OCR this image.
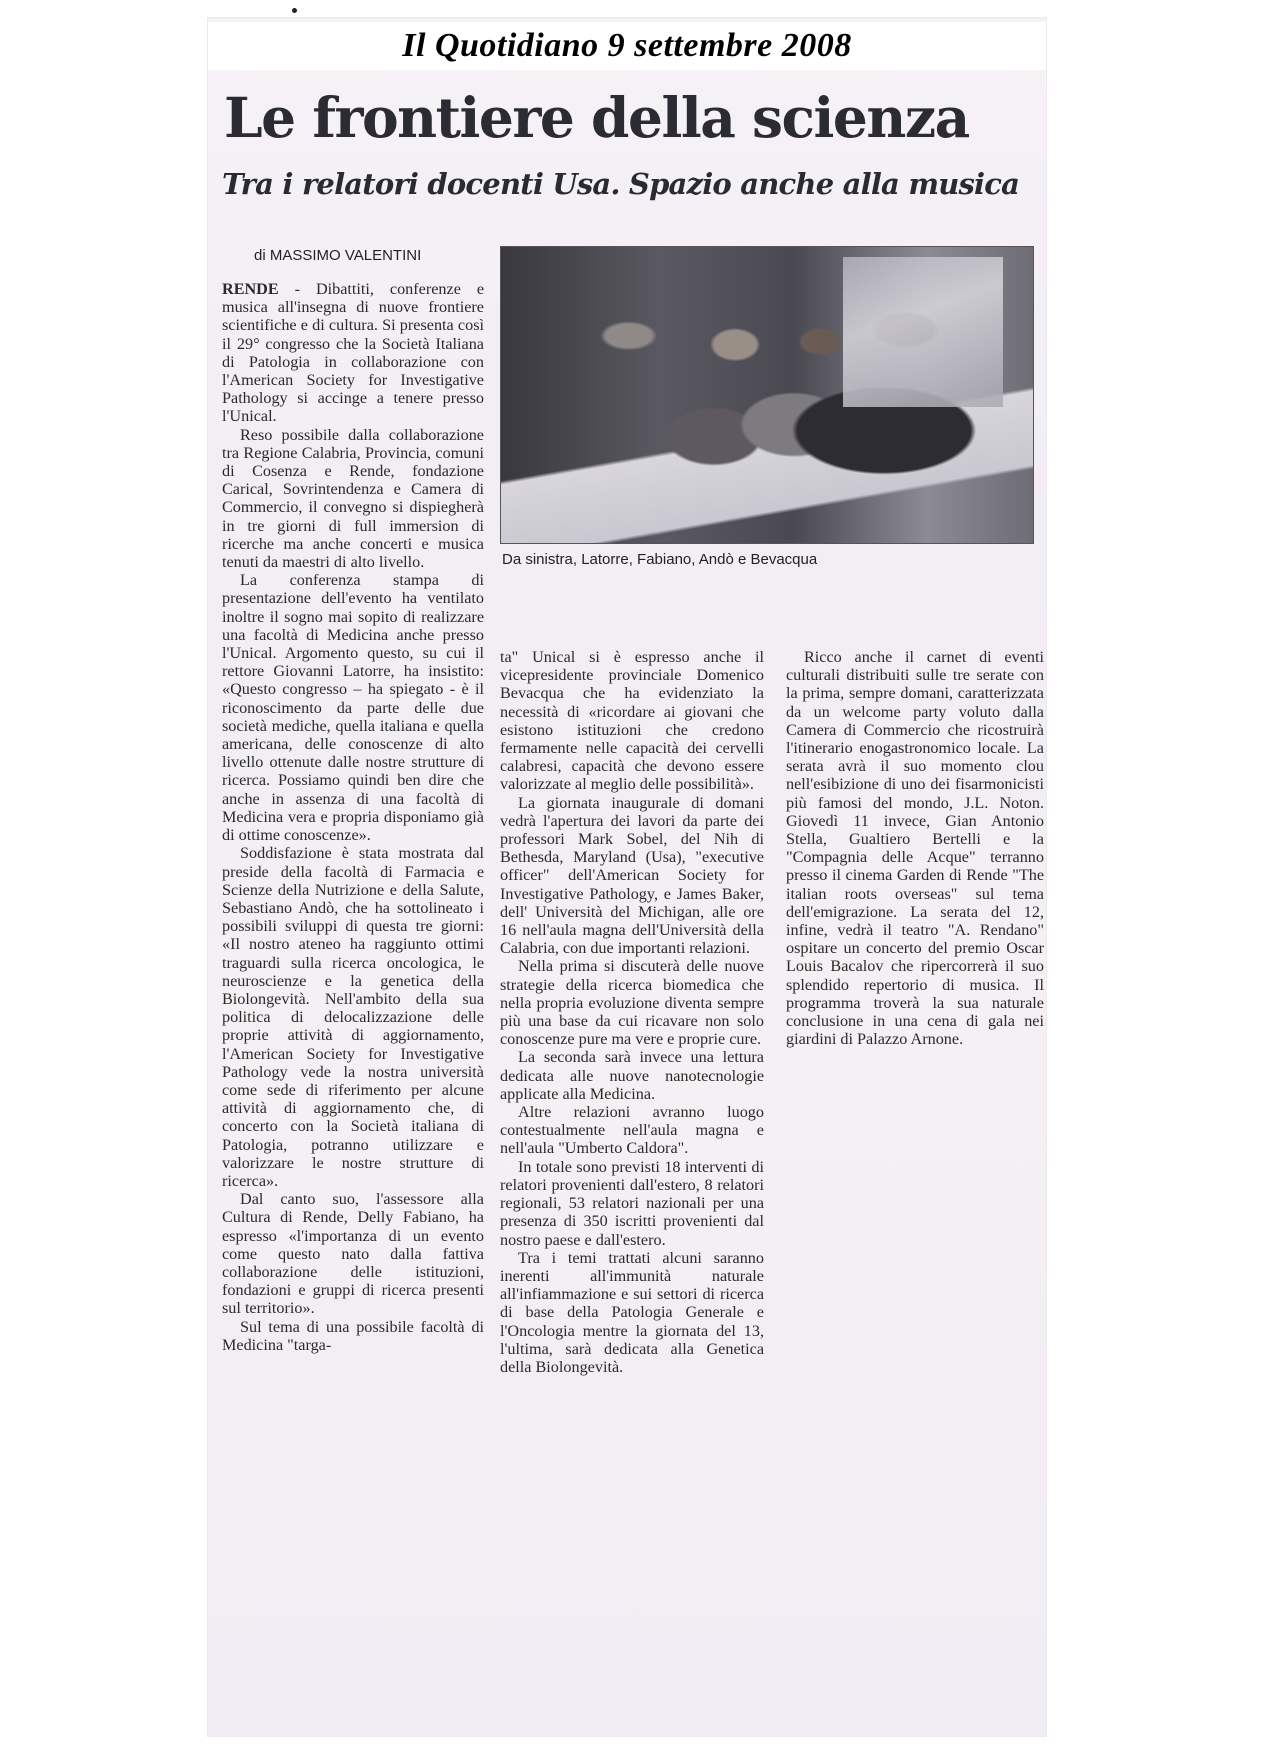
Il Quotidiano 9 settembre 2008
Le frontiere della scienza
Tra i relatori docenti Usa. Spazio anche alla musica
di MASSIMO VALENTINI
Da sinistra, Latorre, Fabiano, Andò e Bevacqua

RENDE - Dibattiti, conferenze e musica all'insegna di nuove frontiere scientifiche e di cultura. Si presenta così il 29° congresso che la Società Italiana di Patologia in collaborazione con l'American Society for Investigative Pathology si accinge a tenere presso l'Unical.

Reso possibile dalla collaborazione tra Regione Calabria, Provincia, comuni di Cosenza e Rende, fondazione Carical, Sovrintendenza e Camera di Commercio, il convegno si dispiegherà in tre giorni di full immersion di ricerche ma anche concerti e musica tenuti da maestri di alto livello.

La conferenza stampa di presentazione dell'evento ha ventilato inoltre il sogno mai sopito di realizzare una facoltà di Medicina anche presso l'Unical. Argomento questo, su cui il rettore Giovanni Latorre, ha insistito: «Questo congresso – ha spiegato - è il riconoscimento da parte delle due società mediche, quella italiana e quella americana, delle conoscenze di alto livello ottenute dalle nostre strutture di ricerca. Possiamo quindi ben dire che anche in assenza di una facoltà di Medicina vera e propria disponiamo già di ottime conoscenze».

Soddisfazione è stata mostrata dal preside della facoltà di Farmacia e Scienze della Nutrizione e della Salute, Sebastiano Andò, che ha sottolineato i possibili sviluppi di questa tre giorni: «Il nostro ateneo ha raggiunto ottimi traguardi sulla ricerca oncologica, le neuroscienze e la genetica della Biolongevità. Nell'ambito della sua politica di delocalizzazione delle proprie attività di aggiornamento, l'American Society for Investigative Pathology vede la nostra università come sede di riferimento per alcune attività di aggiornamento che, di concerto con la Società italiana di Patologia, potranno utilizzare e valorizzare le nostre strutture di ricerca».

Dal canto suo, l'assessore alla Cultura di Rende, Delly Fabiano, ha espresso «l'importanza di un evento come questo nato dalla fattiva collaborazione delle istituzioni, fondazioni e gruppi di ricerca presenti sul territorio».

Sul tema di una possibile facoltà di Medicina "targa-

ta" Unical si è espresso anche il vicepresidente provinciale Domenico Bevacqua che ha evidenziato la necessità di «ricordare ai giovani che esistono istituzioni che credono fermamente nelle capacità dei cervelli calabresi, capacità che devono essere valorizzate al meglio delle possibilità».

La giornata inaugurale di domani vedrà l'apertura dei lavori da parte dei professori Mark Sobel, del Nih di Bethesda, Maryland (Usa), "executive officer" dell'American Society for Investigative Pathology, e James Baker, dell' Università del Michigan, alle ore 16 nell'aula magna dell'Università della Calabria, con due importanti relazioni.

Nella prima si discuterà delle nuove strategie della ricerca biomedica che nella propria evoluzione diventa sempre più una base da cui ricavare non solo conoscenze pure ma vere e proprie cure.

La seconda sarà invece una lettura dedicata alle nuove nanotecnologie applicate alla Medicina.

Altre relazioni avranno luogo contestualmente nell'aula magna e nell'aula "Umberto Caldora".

In totale sono previsti 18 interventi di relatori provenienti dall'estero, 8 relatori regionali, 53 relatori nazionali per una presenza di 350 iscritti provenienti dal nostro paese e dall'estero.

Tra i temi trattati alcuni saranno inerenti all'immunità naturale all'infiammazione e sui settori di ricerca di base della Patologia Generale e l'Oncologia mentre la giornata del 13, l'ultima, sarà dedicata alla Genetica della Biolongevità.

Ricco anche il carnet di eventi culturali distribuiti sulle tre serate con la prima, sempre domani, caratterizzata da un welcome party voluto dalla Camera di Commercio che ricostruirà l'itinerario enogastronomico locale. La serata avrà il suo momento clou nell'esibizione di uno dei fisarmonicisti più famosi del mondo, J.L. Noton. Giovedì 11 invece, Gian Antonio Stella, Gualtiero Bertelli e la "Compagnia delle Acque" terranno presso il cinema Garden di Rende "The italian roots overseas" sul tema dell'emigrazione. La serata del 12, infine, vedrà il teatro "A. Rendano" ospitare un concerto del premio Oscar Louis Bacalov che ripercorrerà il suo splendido repertorio di musica. Il programma troverà la sua naturale conclusione in una cena di gala nei giardini di Palazzo Arnone.
